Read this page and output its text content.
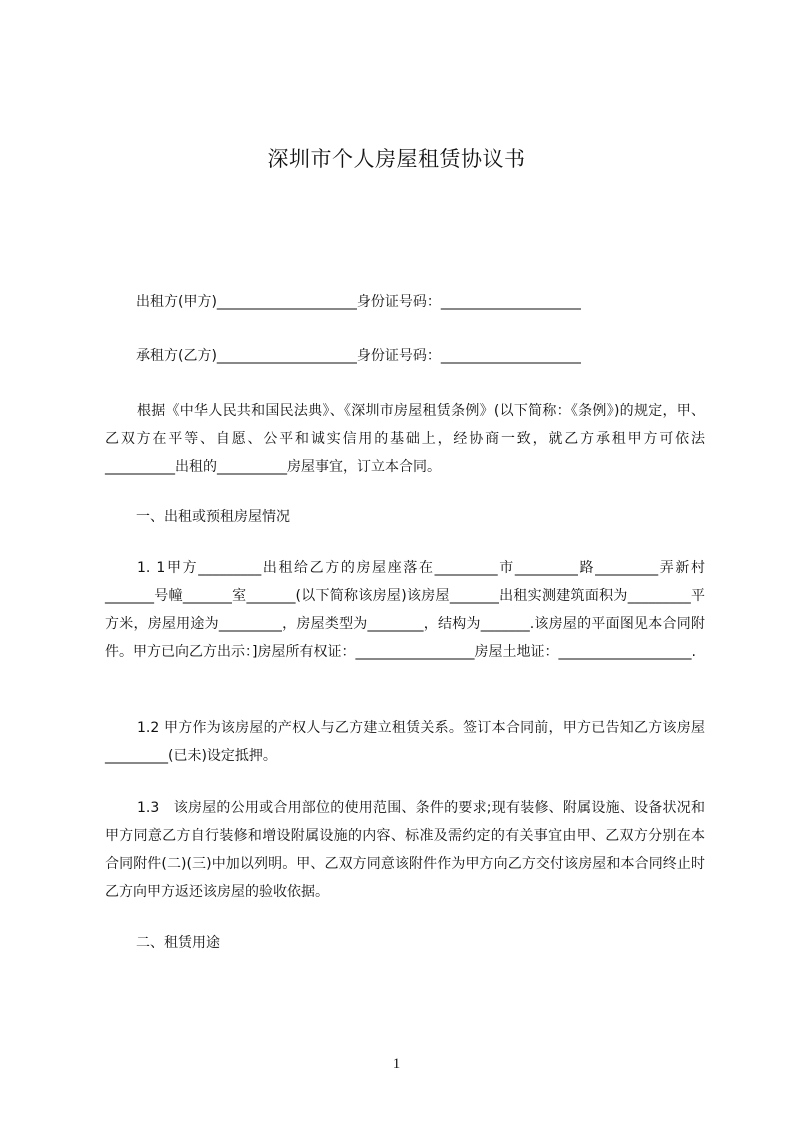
深圳市个人房屋租赁协议书
出租方(甲方)____________________身份证号码：____________________
承租方(乙方)____________________身份证号码：____________________
根据《中华人民共和国民法典》、《深圳市房屋租赁条例》(以下简称：《条例》)的规定，甲、乙双方在平等、自愿、公平和诚实信用的基础上，经协商一致，就乙方承租甲方可依法__________出租的__________房屋事宜，订立本合同。
一、出租或预租房屋情况
1. 1甲方_________出租给乙方的房屋座落在_________市_________路_________弄新村_______号幢_______室_______(以下简称该房屋)该房屋_______出租实测建筑面积为_________平方米，房屋用途为_________，房屋类型为________，结构为_______.该房屋的平面图见本合同附件。甲方已向乙方出示：]房屋所有权证：_________________房屋土地证：___________________.
1.2 甲方作为该房屋的产权人与乙方建立租赁关系。签订本合同前，甲方已告知乙方该房屋_________(已未)设定抵押。
1.3　该房屋的公用或合用部位的使用范围、条件的要求;现有装修、附属设施、设备状况和甲方同意乙方自行装修和增设附属设施的内容、标准及需约定的有关事宜由甲、乙双方分别在本合同附件(二)(三)中加以列明。甲、乙双方同意该附件作为甲方向乙方交付该房屋和本合同终止时乙方向甲方返还该房屋的验收依据。
二、租赁用途
1
